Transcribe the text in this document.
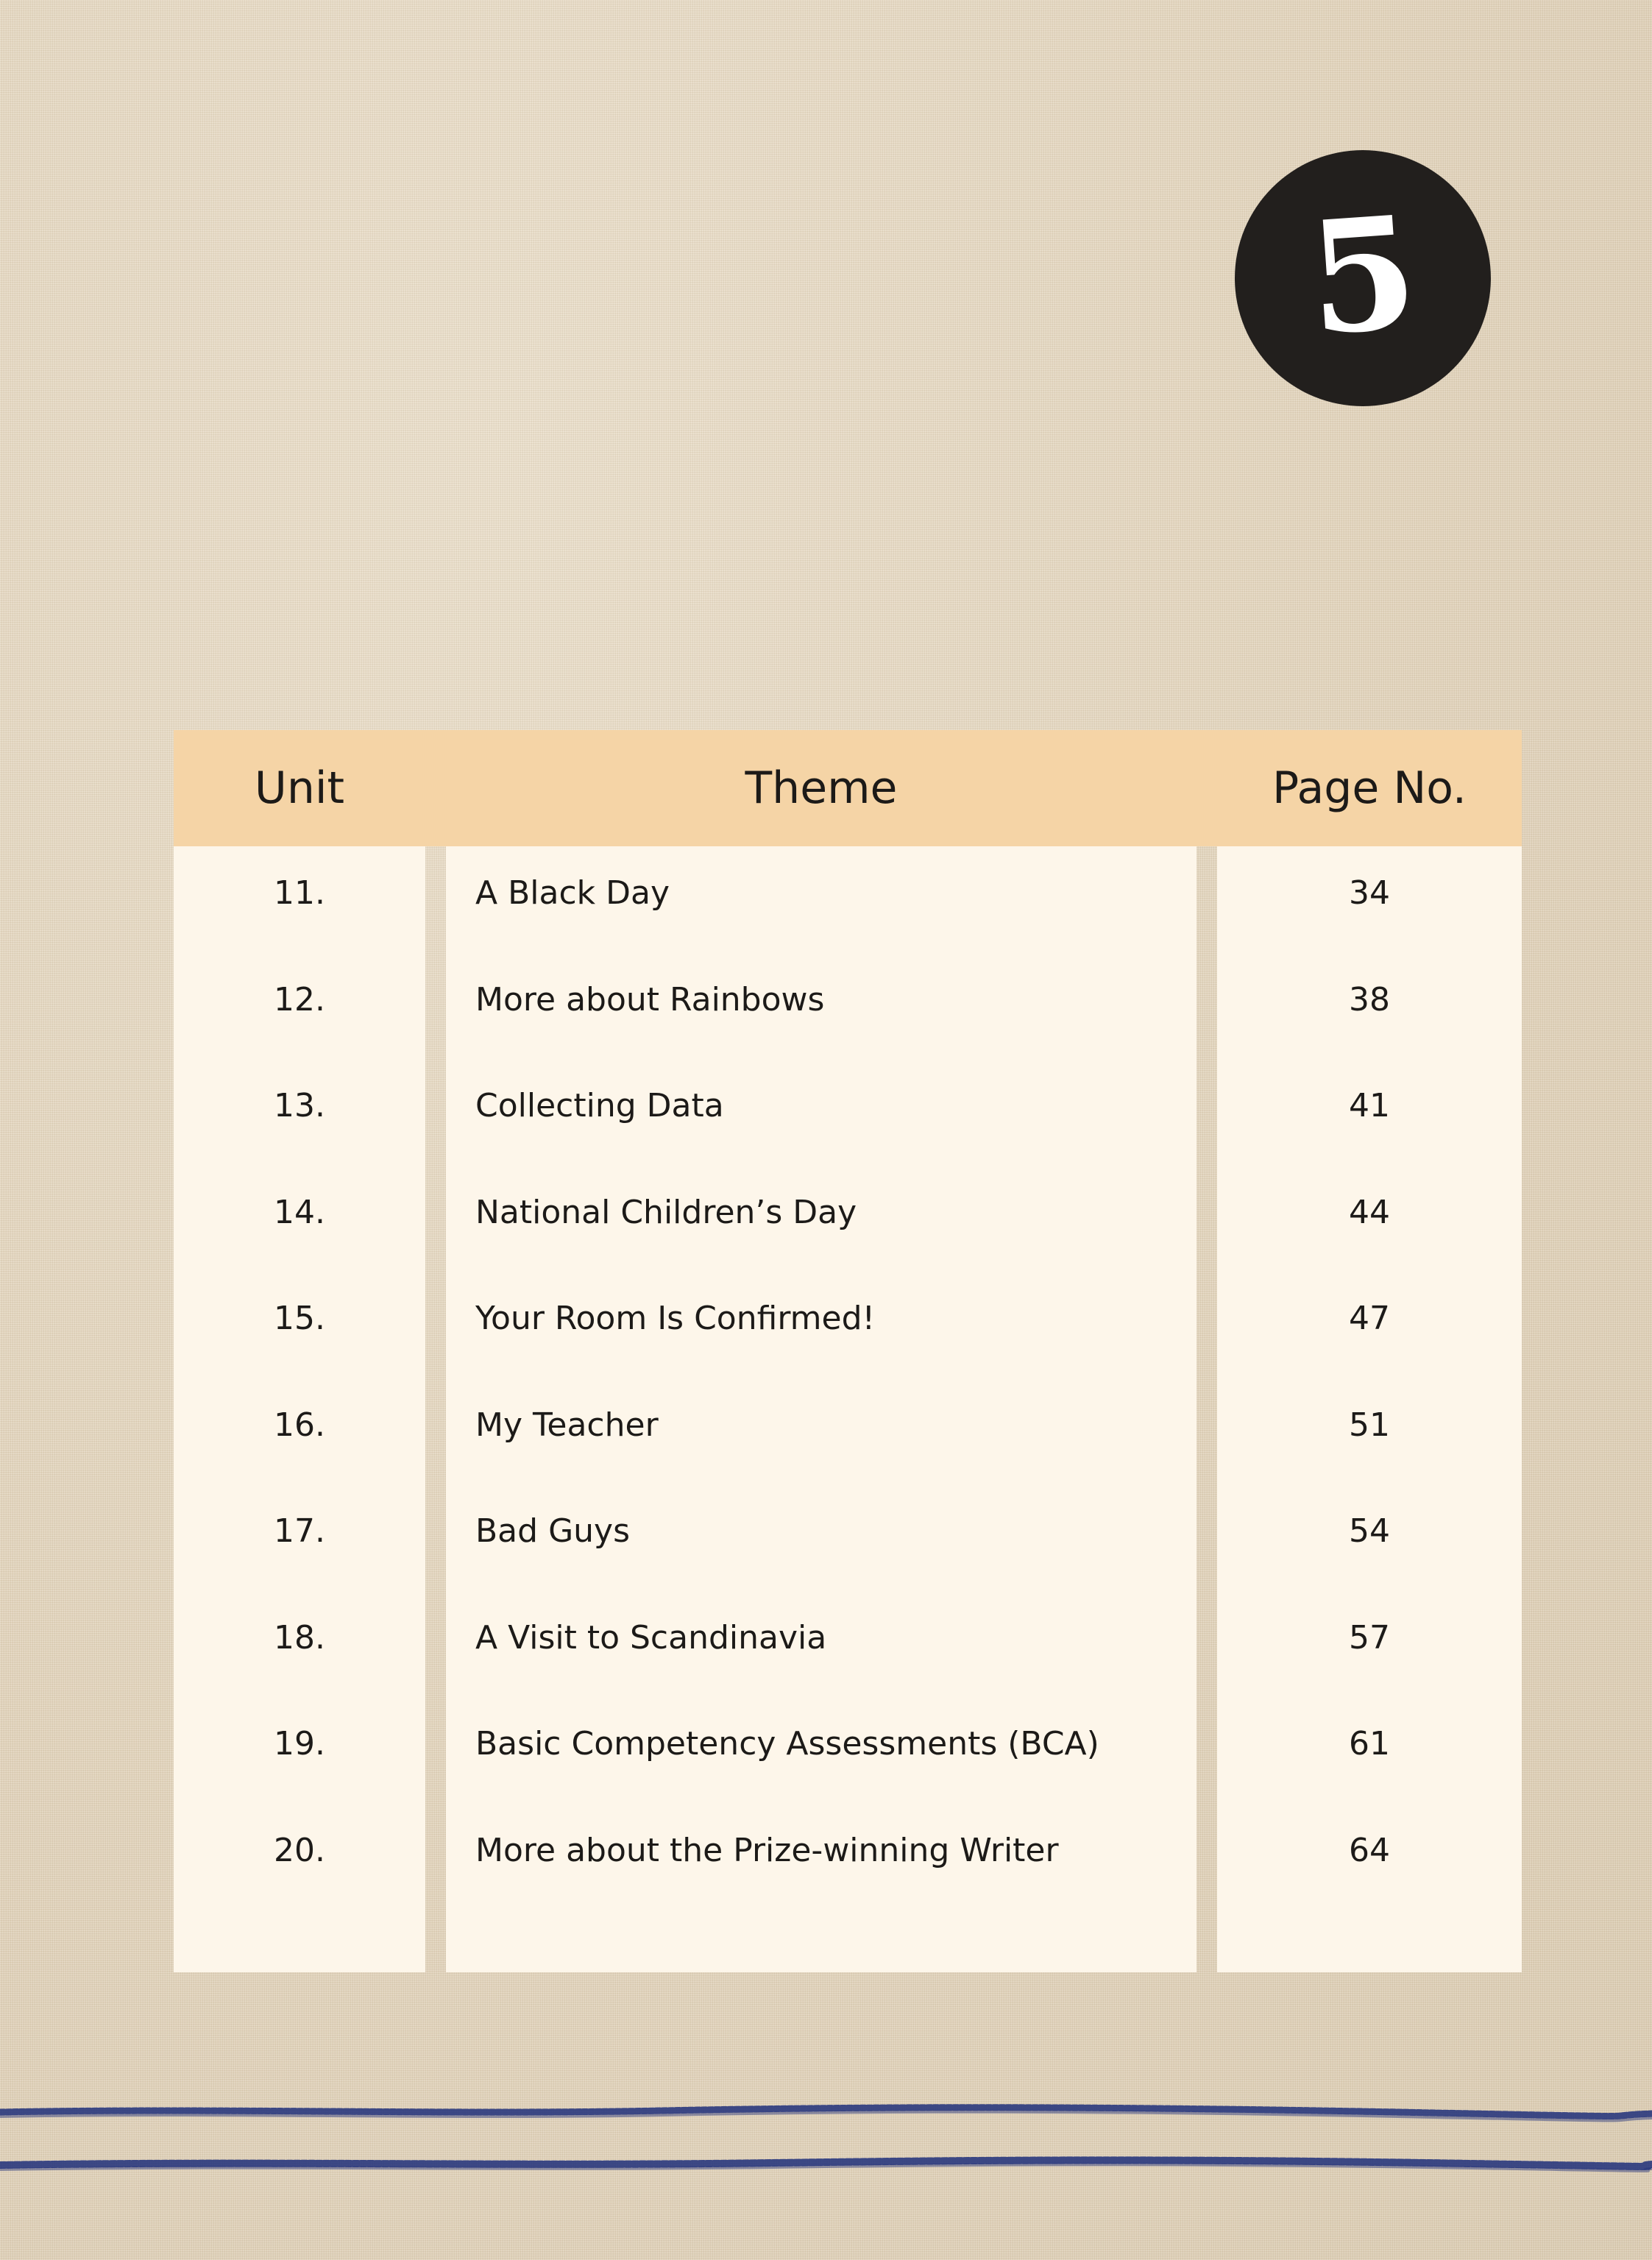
5
Unit	Theme	Page No.
11.	A Black Day	34
12.	More about Rainbows	38
13.	Collecting Data	41
14.	National Children’s Day	44
15.	Your Room Is Confirmed!	47
16.	My Teacher	51
17.	Bad Guys	54
18.	A Visit to Scandinavia	57
19.	Basic Competency Assessments (BCA)	61
20.	More about the Prize-winning Writer	64
